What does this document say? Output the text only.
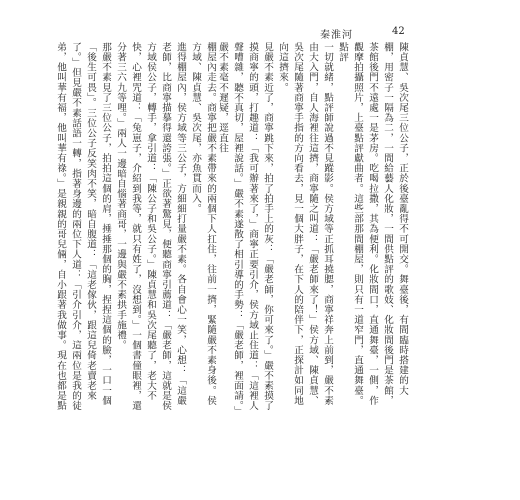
秦淮河	42
陳貞慧、吳次尾三位公子，正於後臺亂得不可開交。舞臺後，有間臨時搭建的大棚，用密子一隔為二，一間給藝人化妝，一間供點評的歌妓、化妝間後門是茶館，茶館後門不遠處一是茅房。吃喝拉撒，其為便利。化妝間口，直通舞臺，一側，作觀摩拍攝照片，上臺點評獻曲者。這些部那間棚屋，則只有一道窄門，直通舞臺。點評
一切就緒，點評師說過不見蹤影。侯方域等正抓耳撓腮，商寧祥奔上前到，嚴不素由大入門，自人海裡往這擠，商寧隨之叫道：「嚴老師來了！」侯方域、陳貞慧、吳次尾隨著商寧手指的方向看去，見一個大胖子，在下人的陪伴下，正探計如同地向這擠來。
見嚴不素近了，商寧跳下來，拍了拍手上的灰：「嚴老師，你可來了。」嚴不素摸了摸商寧的頭，打趣道：「我可辦著來了，」商寧正要引介，侯方域止住道：「這裡人聲嘈雜，聽不真切，屋裡說話。」嚴不素遂散了相引導的手勢：「嚴老師，裡面請。」嚴不素毫不遲疑，逕直往
棚屋內走去。商寧把嚴不素帶來的兩個下人扛住，往前一擠，緊隨嚴不素身後。侯方域、陳貞慧、吳次尾，亦魚貫而入。
進得棚屋內，侯方域等三公子，方細細打量嚴不素。各自會心一笑，心想：「這嚴老師，比商寧描摹得還誇張。」正欲著驚見，便聽商寧引薦道：「嚴老師，這就是侯方域侯公子，轉手，拿引道：「陳公子和吳公子。」陳貞慧和吳次尾聽了，老大不快，心裡咒道：「兔崽子，介紹到我等，就只有姓了，沒想到。」一個書僮眼裡，還分著三六九等哩。」兩人一邊暗自惱著商哥，一邊與嚴不素拱手施禮。
那嚴不素見了三位公子，拍拍這個的肩，捶捶那個的胸，捏捏這個的臉，一口一個「後生可畏」。三位公子反笑肉不笑，暗自腹道：「這老傢伙，跟這兒倚老賣老來了。」但見嚴不素話語一轉，指著身邊的兩位下人道：「引介引介，這兩位是我的徒弟，他叫華有福，他叫華有祿。」是親親的哥兒倆，自小跟著我做事。現在也都是點
